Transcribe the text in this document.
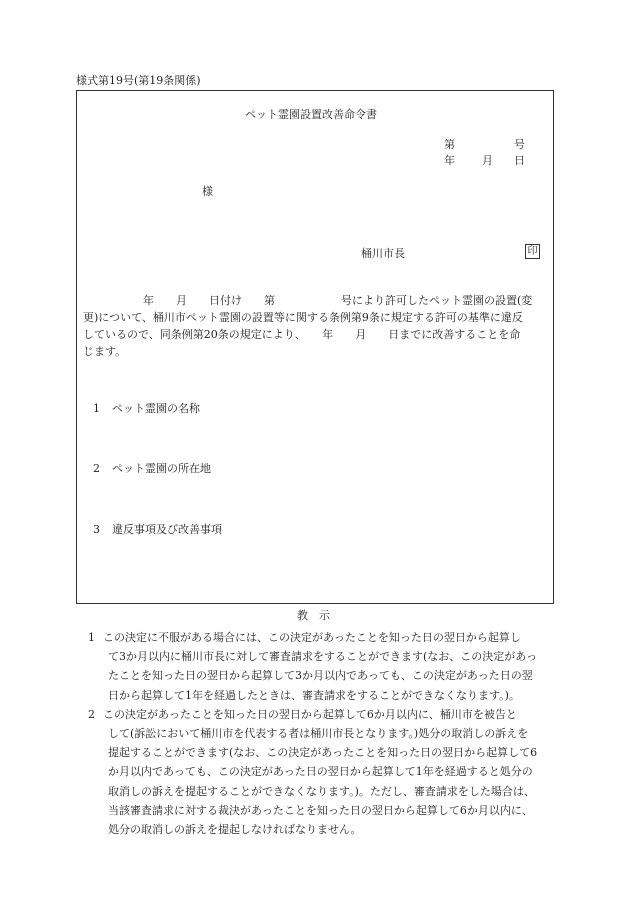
様式第19号(第19条関係)
ペット霊園設置改善命令書
第	号
年 月 日
様
桶川市長	印
年　　月　　日付け　　第　　　　　　号により許可したペット霊園の設置(変
更)について、桶川市ペット霊園の設置等に関する条例第9条に規定する許可の基準に違反
しているので、同条例第20条の規定により、　　年　　月　　日までに改善することを命
じます。
1 ペット霊園の名称
2 ペット霊園の所在地
3 違反事項及び改善事項
教　示
1 この決定に不服がある場合には、この決定があったことを知った日の翌日から起算し
て3か月以内に桶川市長に対して審査請求をすることができます(なお、この決定があっ
たことを知った日の翌日から起算して3か月以内であっても、この決定があった日の翌
日から起算して1年を経過したときは、審査請求をすることができなくなります。)。
2 この決定があったことを知った日の翌日から起算して6か月以内に、桶川市を被告と
して(訴訟において桶川市を代表する者は桶川市長となります。)処分の取消しの訴えを
提起することができます(なお、この決定があったことを知った日の翌日から起算して6
か月以内であっても、この決定があった日の翌日から起算して1年を経過すると処分の
取消しの訴えを提起することができなくなります。)。ただし、審査請求をした場合は、
当該審査請求に対する裁決があったことを知った日の翌日から起算して6か月以内に、
処分の取消しの訴えを提起しなければなりません。
